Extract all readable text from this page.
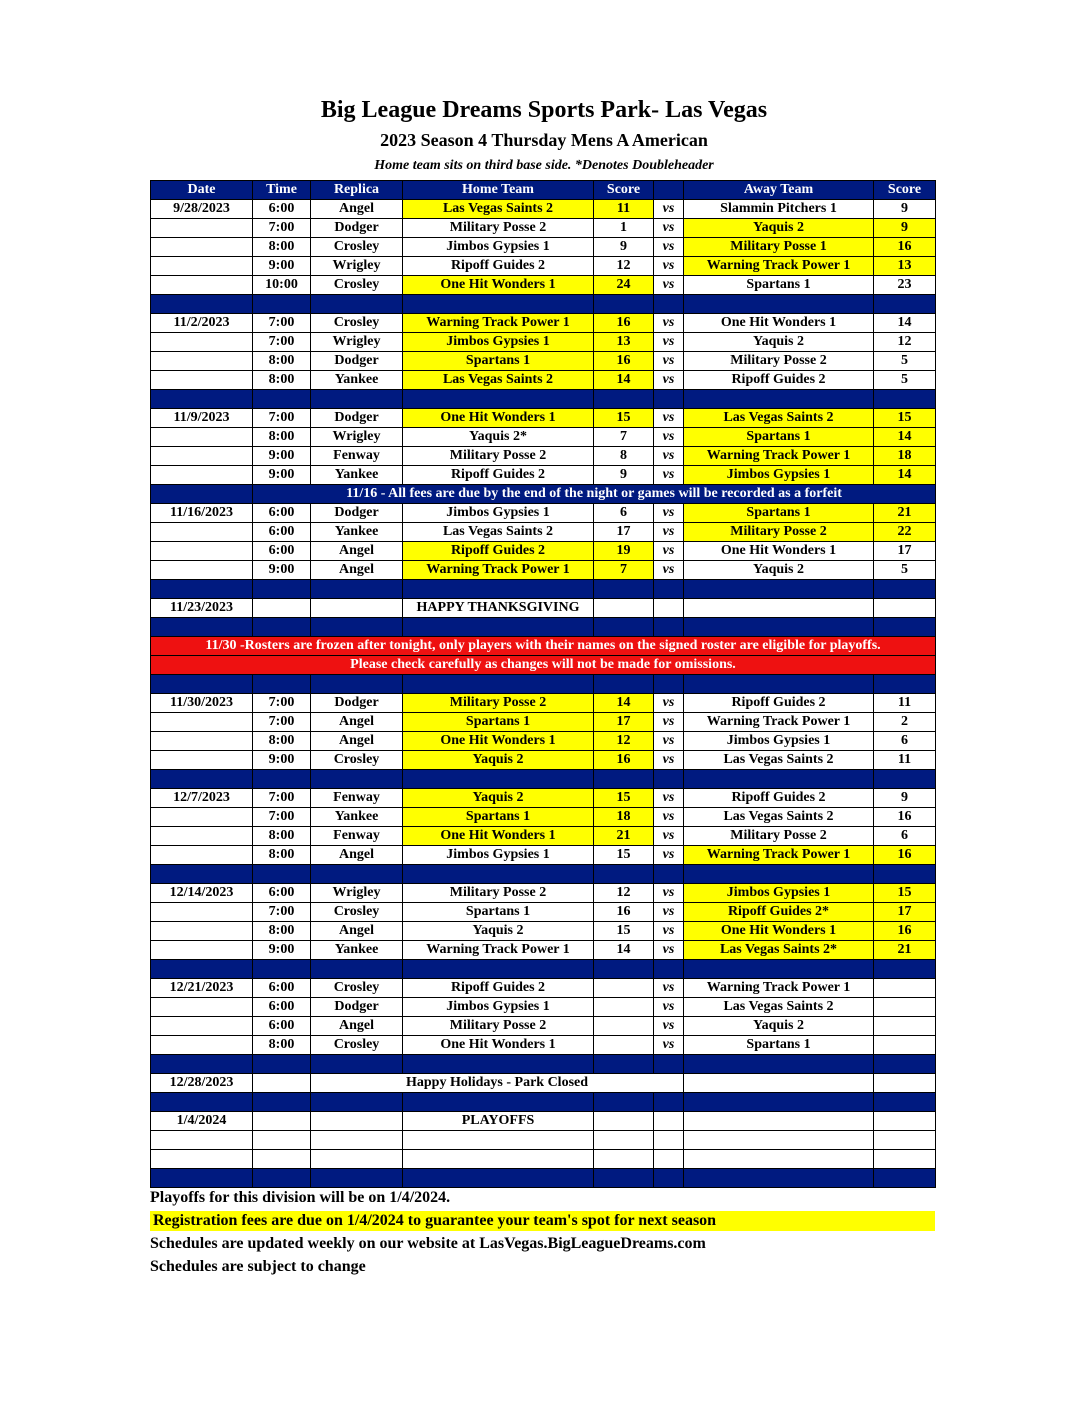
Big League Dreams Sports Park- Las Vegas
2023 Season 4 Thursday Mens A American
Home team sits on third base side. *Denotes Doubleheader
Date	Time	Replica	Home Team	Score		Away Team	Score	
9/28/2023	6:00	Angel	Las Vegas Saints 2	11	vs	Slammin Pitchers 1	9	
	7:00	Dodger	Military Posse 2	1	vs	Yaquis 2	9	
	8:00	Crosley	Jimbos Gypsies 1	9	vs	Military Posse 1	16	
	9:00	Wrigley	Ripoff Guides 2	12	vs	Warning Track Power 1	13	
	10:00	Crosley	One Hit Wonders 1	24	vs	Spartans 1	23	

11/2/2023	7:00	Crosley	Warning Track Power 1	16	vs	One Hit Wonders 1	14	
	7:00	Wrigley	Jimbos Gypsies 1	13	vs	Yaquis 2	12	
	8:00	Dodger	Spartans 1	16	vs	Military Posse 2	5	
	8:00	Yankee	Las Vegas Saints 2	14	vs	Ripoff Guides 2	5	

11/9/2023	7:00	Dodger	One Hit Wonders 1	15	vs	Las Vegas Saints 2	15	
	8:00	Wrigley	Yaquis 2*	7	vs	Spartans 1	14	
	9:00	Fenway	Military Posse 2	8	vs	Warning Track Power 1	18	
	9:00	Yankee	Ripoff Guides 2	9	vs	Jimbos Gypsies 1	14	
	11/16 - All fees are due by the end of the night or games will be recorded as a forfeit							
11/16/2023	6:00	Dodger	Jimbos Gypsies 1	6	vs	Spartans 1	21	
	6:00	Yankee	Las Vegas Saints 2	17	vs	Military Posse 2	22	
	6:00	Angel	Ripoff Guides 2	19	vs	One Hit Wonders 1	17	
	9:00	Angel	Warning Track Power 1	7	vs	Yaquis 2	5	

11/23/2023			HAPPY THANKSGIVING					

11/30 -Rosters are frozen after tonight, only players with their names on the signed roster are eligible for playoffs.								
Please check carefully as changes will not be made for omissions.								

11/30/2023	7:00	Dodger	Military Posse 2	14	vs	Ripoff Guides 2	11	
	7:00	Angel	Spartans 1	17	vs	Warning Track Power 1	2	
	8:00	Angel	One Hit Wonders 1	12	vs	Jimbos Gypsies 1	6	
	9:00	Crosley	Yaquis 2	16	vs	Las Vegas Saints 2	11	

12/7/2023	7:00	Fenway	Yaquis 2	15	vs	Ripoff Guides 2	9	
	7:00	Yankee	Spartans 1	18	vs	Las Vegas Saints 2	16	
	8:00	Fenway	One Hit Wonders 1	21	vs	Military Posse 2	6	
	8:00	Angel	Jimbos Gypsies 1	15	vs	Warning Track Power 1	16	

12/14/2023	6:00	Wrigley	Military Posse 2	12	vs	Jimbos Gypsies 1	15	
	7:00	Crosley	Spartans 1	16	vs	Ripoff Guides 2*	17	
	8:00	Angel	Yaquis 2	15	vs	One Hit Wonders 1	16	
	9:00	Yankee	Warning Track Power 1	14	vs	Las Vegas Saints 2*	21	

12/21/2023	6:00	Crosley	Ripoff Guides 2		vs	Warning Track Power 1		
	6:00	Dodger	Jimbos Gypsies 1		vs	Las Vegas Saints 2		
	6:00	Angel	Military Posse 2		vs	Yaquis 2		
	8:00	Crosley	One Hit Wonders 1		vs	Spartans 1		

12/28/2023		Happy Holidays - Park Closed						

1/4/2024			PLAYOFFS					

Playoffs for this division will be on 1/4/2024.
Registration fees are due on 1/4/2024 to guarantee your team's spot for next season
Schedules are updated weekly on our website at LasVegas.BigLeagueDreams.com
Schedules are subject to change
